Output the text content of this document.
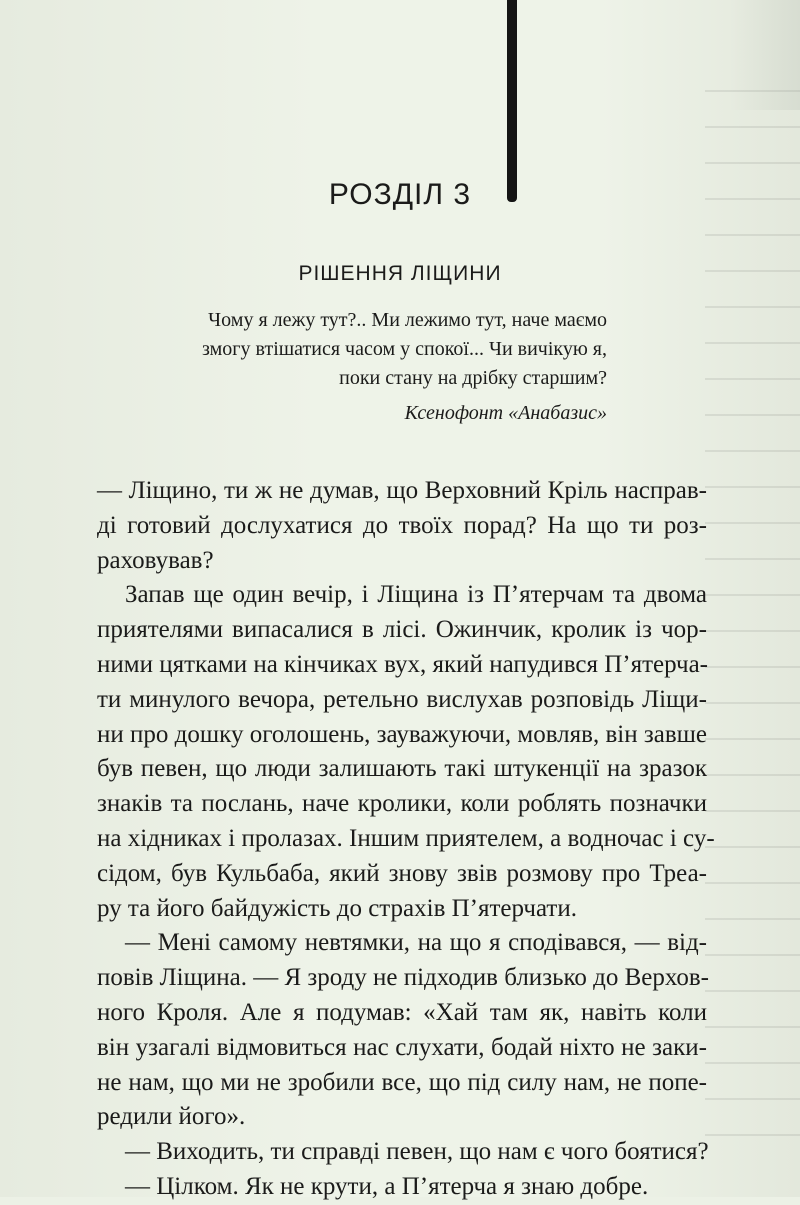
РОЗДІЛ 3
РІШЕННЯ ЛІЩИНИ
Чому я лежу тут?.. Ми лежимо тут, наче маємо
змогу втішатися часом у спокої... Чи вичікую я,
поки стану на дрібку старшим?
Ксенофонт «Анабазис»
— Ліщино, ти ж не думав, що Верховний Кріль насправ-
ді готовий дослухатися до твоїх порад? На що ти роз-
раховував?
Запав ще один вечір, і Ліщина із П’ятерчам та двома
приятелями випасалися в лісі. Ожинчик, кролик із чор-
ними цятками на кінчиках вух, який напудився П’ятерча-
ти минулого вечора, ретельно вислухав розповідь Ліщи-
ни про дошку оголошень, зауважуючи, мовляв, він завше
був певен, що люди залишають такі штукенції на зразок
знаків та послань, наче кролики, коли роблять позначки
на хідниках і пролазах. Іншим приятелем, а водночас і су-
сідом, був Кульбаба, який знову звів розмову про Треа-
ру та його байдужість до страхів П’ятерчати.
— Мені самому невтямки, на що я сподівався, — від-
повів Ліщина. — Я зроду не підходив близько до Верхов-
ного Кроля. Але я подумав: «Хай там як, навіть коли
він узагалі відмовиться нас слухати, бодай ніхто не заки-
не нам, що ми не зробили все, що під силу нам, не попе-
редили його».
— Виходить, ти справді певен, що нам є чого боятися?
— Цілком. Як не крути, а П’ятерча я знаю добре.
